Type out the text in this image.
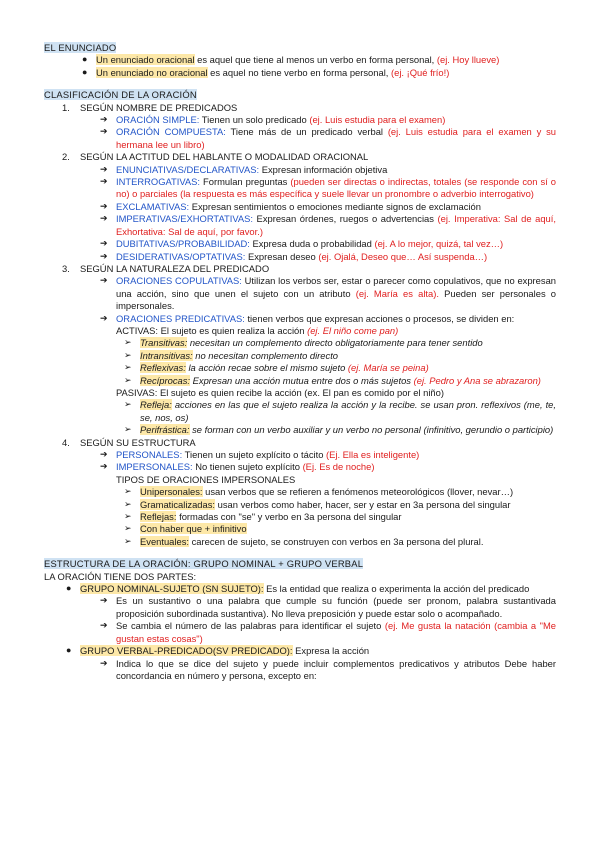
EL ENUNCIADO
● Un enunciado oracional es aquel que tiene al menos un verbo en forma personal, (ej. Hoy llueve)
● Un enunciado no oracional es aquel no tiene verbo en forma personal, (ej. ¡Qué frío!)
CLASIFICACIÓN DE LA ORACIÓN
1. SEGÚN NOMBRE DE PREDICADOS
➔ ORACIÓN SIMPLE: Tienen un solo predicado (ej. Luis estudia para el examen)
➔ ORACIÓN COMPUESTA: Tiene más de un predicado verbal (ej. Luis estudia para el examen y su hermana lee un libro)
2. SEGÚN LA ACTITUD DEL HABLANTE O MODALIDAD ORACIONAL
➔ ENUNCIATIVAS/DECLARATIVAS: Expresan información objetiva
➔ INTERROGATIVAS: Formulan preguntas (pueden ser directas o indirectas, totales (se responde con sí o no) o parciales (la respuesta es más específica y suele llevar un pronombre o adverbio interrogativo)
➔ EXCLAMATIVAS: Expresan sentimientos o emociones mediante signos de exclamación
➔ IMPERATIVAS/EXHORTATIVAS: Expresan órdenes, ruegos o advertencias (ej. Imperativa: Sal de aquí, Exhortativa: Sal de aquí, por favor.)
➔ DUBITATIVAS/PROBABILIDAD: Expresa duda o probabilidad (ej. A lo mejor, quizá, tal vez…)
➔ DESIDERATIVAS/OPTATIVAS: Expresan deseo (ej. Ojalá, Deseo que… Así suspenda…)
3. SEGÚN LA NATURALEZA DEL PREDICADO
➔ ORACIONES COPULATIVAS: Utilizan los verbos ser, estar o parecer como copulativos, que no expresan una acción, sino que unen el sujeto con un atributo (ej. María es alta). Pueden ser personales o impersonales.
➔ ORACIONES PREDICATIVAS: tienen verbos que expresan acciones o procesos, se dividen en:
ACTIVAS: El sujeto es quien realiza la acción (ej. El niño come pan)
➢ Transitivas: necesitan un complemento directo obligatoriamente para tener sentido
➢ Intransitivas: no necesitan complemento directo
➢ Reflexivas: la acción recae sobre el mismo sujeto (ej. María se peina)
➢ Recíprocas: Expresan una acción mutua entre dos o más sujetos (ej. Pedro y Ana se abrazaron)
PASIVAS: El sujeto es quien recibe la acción (ex. El pan es comido por el niño)
➢ Refleja: acciones en las que el sujeto realiza la acción y la recibe. se usan pron. reflexivos (me, te, se, nos, os)
➢ Perifrástica: se forman con un verbo auxiliar y un verbo no personal (infinitivo, gerundio o participio)
4. SEGÚN SU ESTRUCTURA
➔ PERSONALES: Tienen un sujeto explícito o tácito (Ej. Ella es inteligente)
➔ IMPERSONALES: No tienen sujeto explícito (Ej. Es de noche)
TIPOS DE ORACIONES IMPERSONALES
➢ Unipersonales: usan verbos que se refieren a fenómenos meteorológicos (llover, nevar…)
➢ Gramaticalizadas: usan verbos como haber, hacer, ser y estar en 3a persona del singular
➢ Reflejas: formadas con "se" y verbo en 3a persona del singular
➢ Con haber que + infinitivo
➢ Eventuales: carecen de sujeto, se construyen con verbos en 3a persona del plural.
ESTRUCTURA DE LA ORACIÓN: GRUPO NOMINAL + GRUPO VERBAL
LA ORACIÓN TIENE DOS PARTES:
● GRUPO NOMINAL-SUJETO (SN SUJETO): Es la entidad que realiza o experimenta la acción del predicado
➔ Es un sustantivo o una palabra que cumple su función (puede ser pronom, palabra sustantivada proposición subordinada sustantiva). No lleva preposición y puede estar solo o acompañado.
➔ Se cambia el número de las palabras para identificar el sujeto (ej. Me gusta la natación (cambia a "Me gustan estas cosas")
● GRUPO VERBAL-PREDICADO(SV PREDICADO): Expresa la acción
➔ Indica lo que se dice del sujeto y puede incluir complementos predicativos y atributos Debe haber concordancia en número y persona, excepto en:
